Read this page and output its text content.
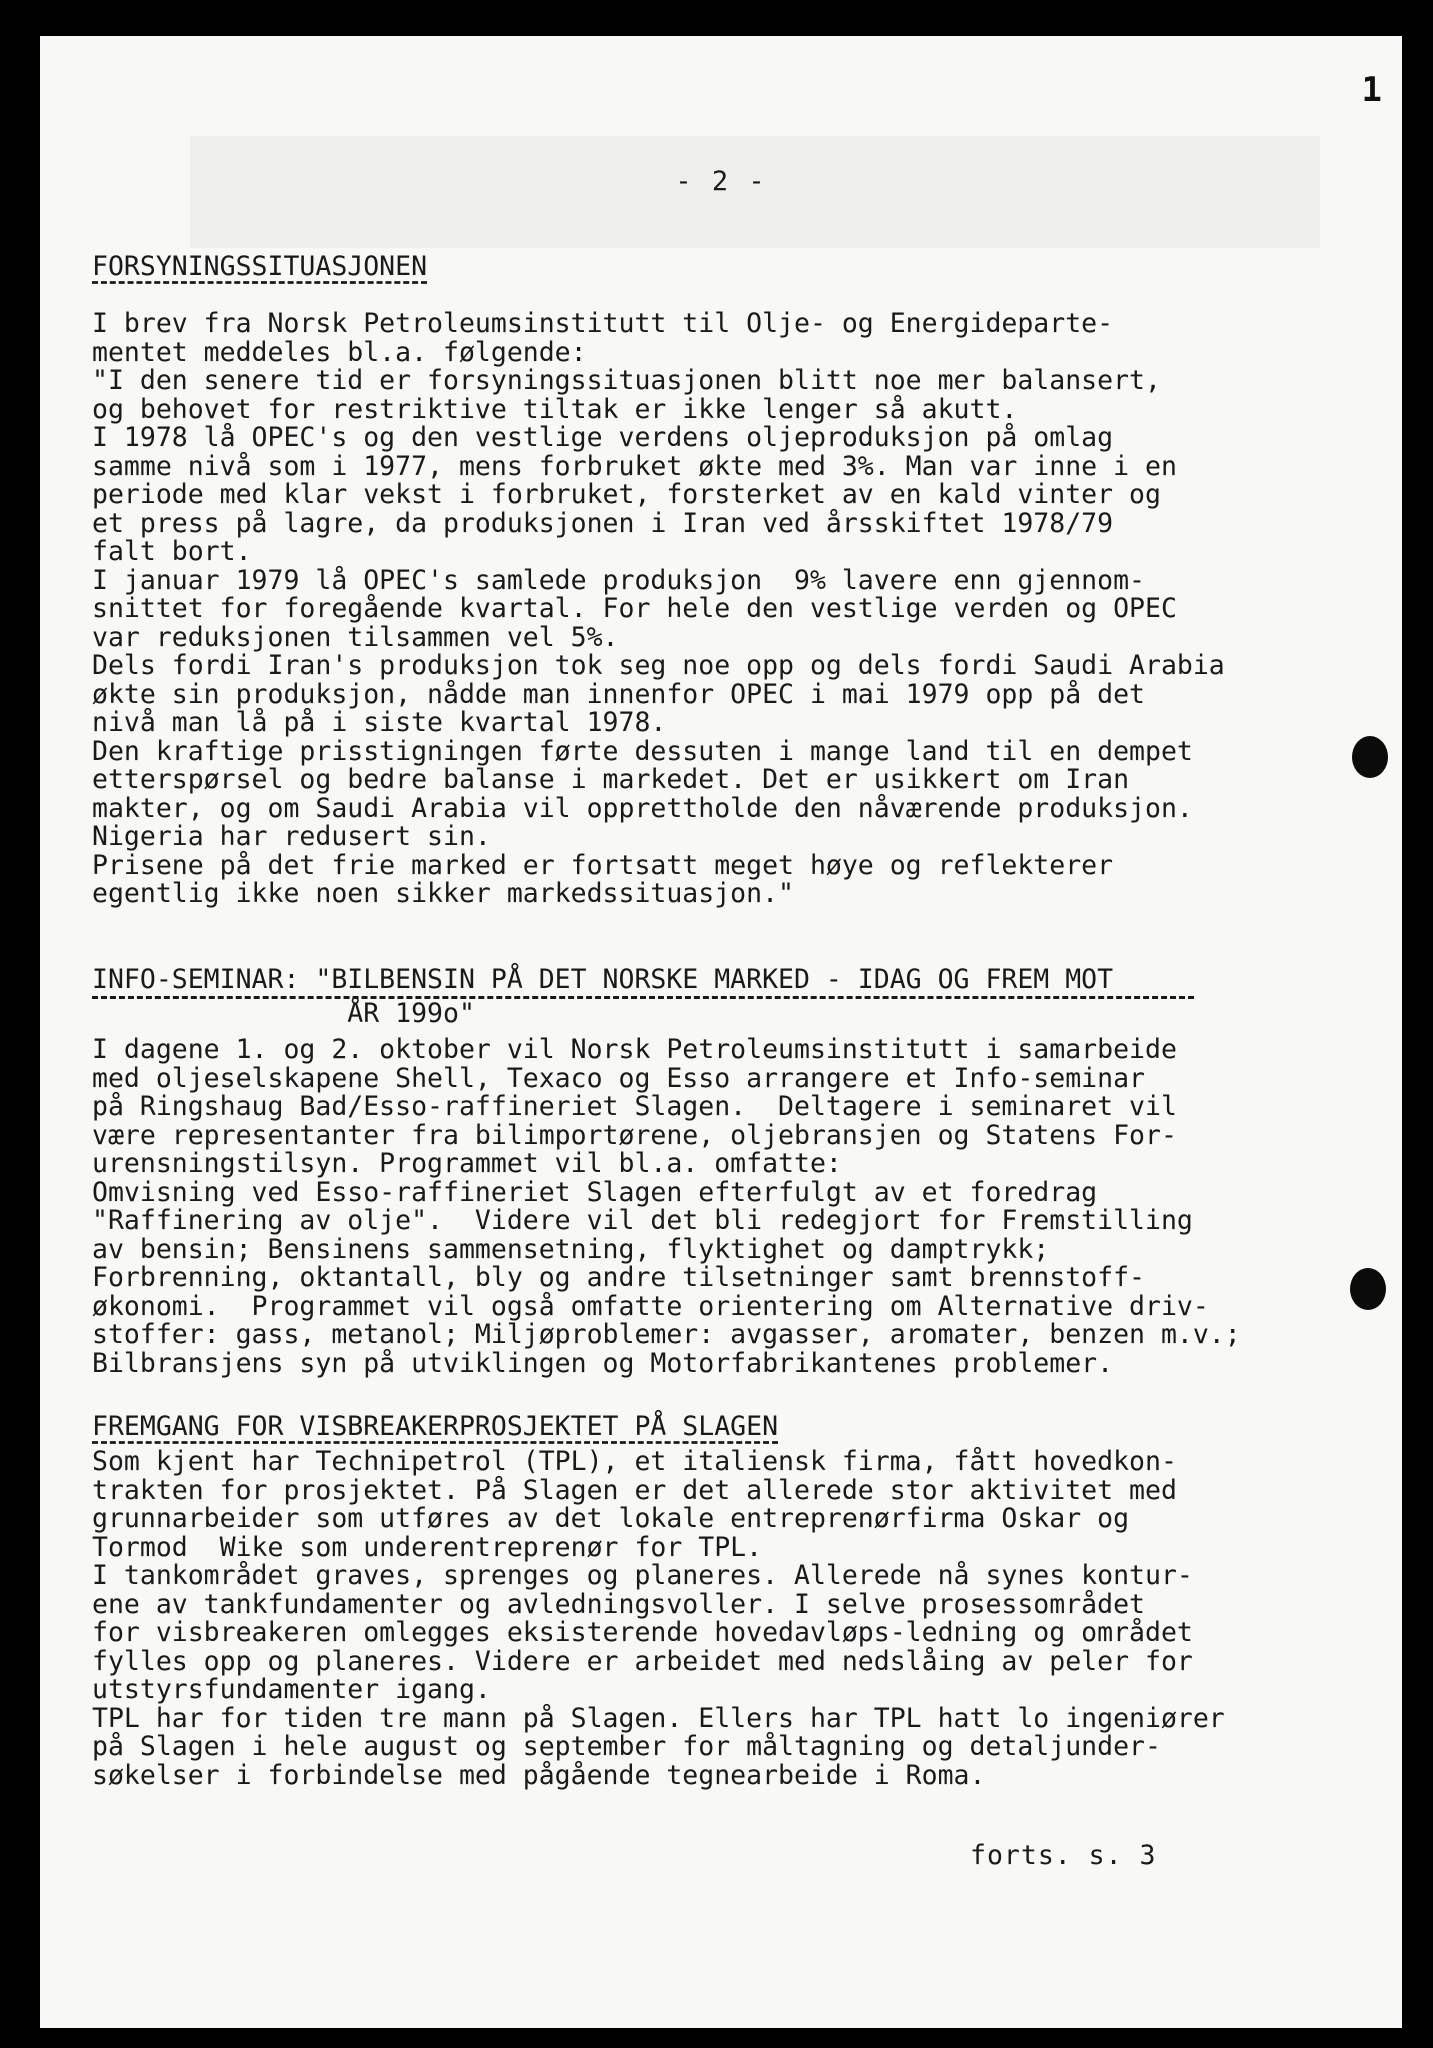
1
- 2 -
FORSYNINGSSITUASJONEN
I brev fra Norsk Petroleumsinstitutt til Olje- og Energideparte-
mentet meddeles bl.a. følgende:
"I den senere tid er forsyningssituasjonen blitt noe mer balansert,
og behovet for restriktive tiltak er ikke lenger så akutt.
I 1978 lå OPEC's og den vestlige verdens oljeproduksjon på omlag
samme nivå som i 1977, mens forbruket økte med 3%. Man var inne i en
periode med klar vekst i forbruket, forsterket av en kald vinter og
et press på lagre, da produksjonen i Iran ved årsskiftet 1978/79
falt bort.
I januar 1979 lå OPEC's samlede produksjon  9% lavere enn gjennom-
snittet for foregående kvartal. For hele den vestlige verden og OPEC
var reduksjonen tilsammen vel 5%.
Dels fordi Iran's produksjon tok seg noe opp og dels fordi Saudi Arabia
økte sin produksjon, nådde man innenfor OPEC i mai 1979 opp på det
nivå man lå på i siste kvartal 1978.
Den kraftige prisstigningen førte dessuten i mange land til en dempet
etterspørsel og bedre balanse i markedet. Det er usikkert om Iran
makter, og om Saudi Arabia vil opprettholde den nåværende produksjon.
Nigeria har redusert sin.
Prisene på det frie marked er fortsatt meget høye og reflekterer
egentlig ikke noen sikker markedssituasjon."
INFO-SEMINAR: "BILBENSIN PÅ DET NORSKE MARKED - IDAG OG FREM MOT
ÅR 199o"
I dagene 1. og 2. oktober vil Norsk Petroleumsinstitutt i samarbeide
med oljeselskapene Shell, Texaco og Esso arrangere et Info-seminar
på Ringshaug Bad/Esso-raffineriet Slagen.  Deltagere i seminaret vil
være representanter fra bilimportørene, oljebransjen og Statens For-
urensningstilsyn. Programmet vil bl.a. omfatte:
Omvisning ved Esso-raffineriet Slagen efterfulgt av et foredrag
"Raffinering av olje".  Videre vil det bli redegjort for Fremstilling
av bensin; Bensinens sammensetning, flyktighet og damptrykk;
Forbrenning, oktantall, bly og andre tilsetninger samt brennstoff-
økonomi.  Programmet vil også omfatte orientering om Alternative driv-
stoffer: gass, metanol; Miljøproblemer: avgasser, aromater, benzen m.v.;
Bilbransjens syn på utviklingen og Motorfabrikantenes problemer.
FREMGANG FOR VISBREAKERPROSJEKTET PÅ SLAGEN
Som kjent har Technipetrol (TPL), et italiensk firma, fått hovedkon-
trakten for prosjektet. På Slagen er det allerede stor aktivitet med
grunnarbeider som utføres av det lokale entreprenørfirma Oskar og
Tormod  Wike som underentreprenør for TPL.
I tankområdet graves, sprenges og planeres. Allerede nå synes kontur-
ene av tankfundamenter og avledningsvoller. I selve prosessområdet
for visbreakeren omlegges eksisterende hovedavløps-ledning og området
fylles opp og planeres. Videre er arbeidet med nedslåing av peler for
utstyrsfundamenter igang.
TPL har for tiden tre mann på Slagen. Ellers har TPL hatt lo ingeniører
på Slagen i hele august og september for måltagning og detaljunder-
søkelser i forbindelse med pågående tegnearbeide i Roma.
forts. s. 3
